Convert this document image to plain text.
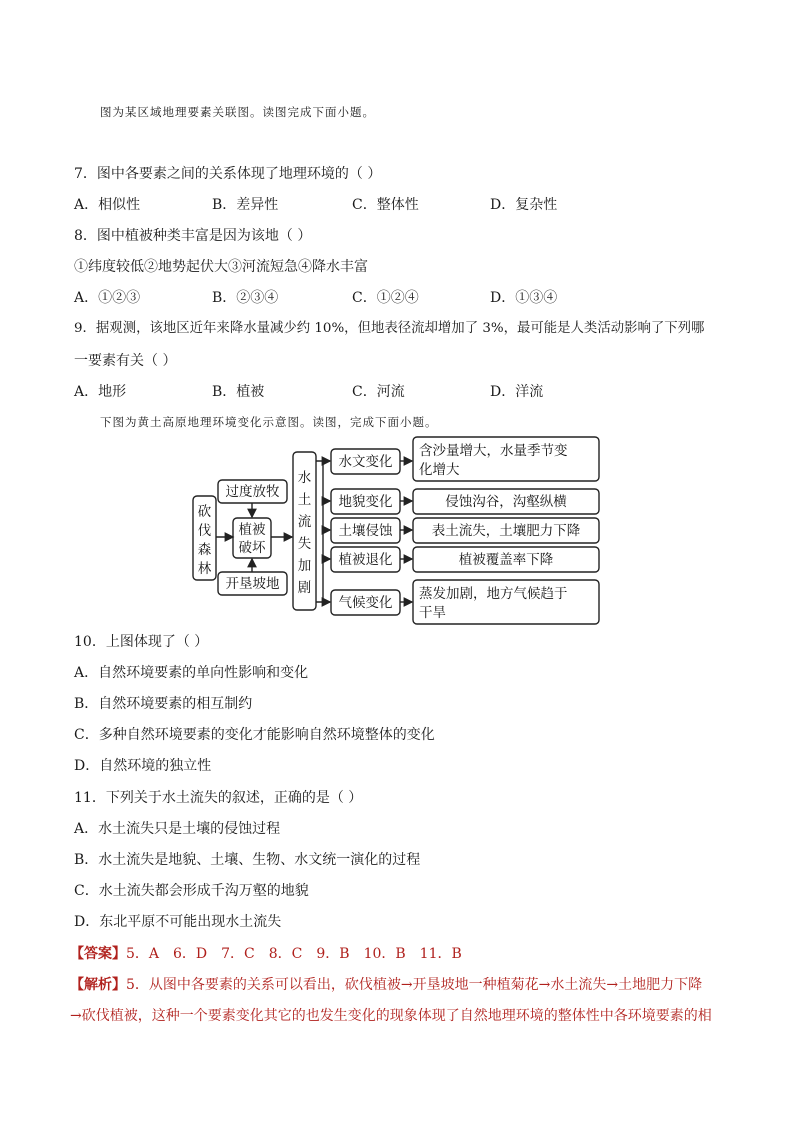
图为某区域地理要素关联图。读图完成下面小题。
7．图中各要素之间的关系体现了地理环境的（ ）
A．相似性	B．差异性	C．整体性	D．复杂性
8．图中植被种类丰富是因为该地（ ）
①纬度较低②地势起伏大③河流短急④降水丰富
A．①②③	B．②③④	C．①②④	D．①③④
9．据观测，该地区近年来降水量减少约 10%，但地表径流却增加了 3%，最可能是人类活动影响了下列哪
一要素有关（ ）
A．地形	B．植被	C．河流	D．洋流
下图为黄土高原地理环境变化示意图。读图，完成下面小题。
砍
伐
森
林
过度放牧
植被
破坏
开垦坡地
水
土
流
失
加
剧
水文变化
地貌变化
土壤侵蚀
植被退化
气候变化
含沙量增大，水量季节变
化增大
侵蚀沟谷，沟壑纵横
表土流失，土壤肥力下降
植被覆盖率下降
蒸发加剧，地方气候趋于
干旱
10．上图体现了（ ）
A．自然环境要素的单向性影响和变化
B．自然环境要素的相互制约
C．多种自然环境要素的变化才能影响自然环境整体的变化
D．自然环境的独立性
11．下列关于水土流失的叙述，正确的是（ ）
A．水土流失只是土壤的侵蚀过程
B．水土流失是地貌、土壤、生物、水文统一演化的过程
C．水土流失都会形成千沟万壑的地貌
D．东北平原不可能出现水土流失
【答案】5．A　6．D　7．C　8．C　9．B　10．B　11．B
【解析】5．从图中各要素的关系可以看出，砍伐植被→开垦坡地一种植菊花→水土流失→土地肥力下降
→砍伐植被，这种一个要素变化其它的也发生变化的现象体现了自然地理环境的整体性中各环境要素的相
